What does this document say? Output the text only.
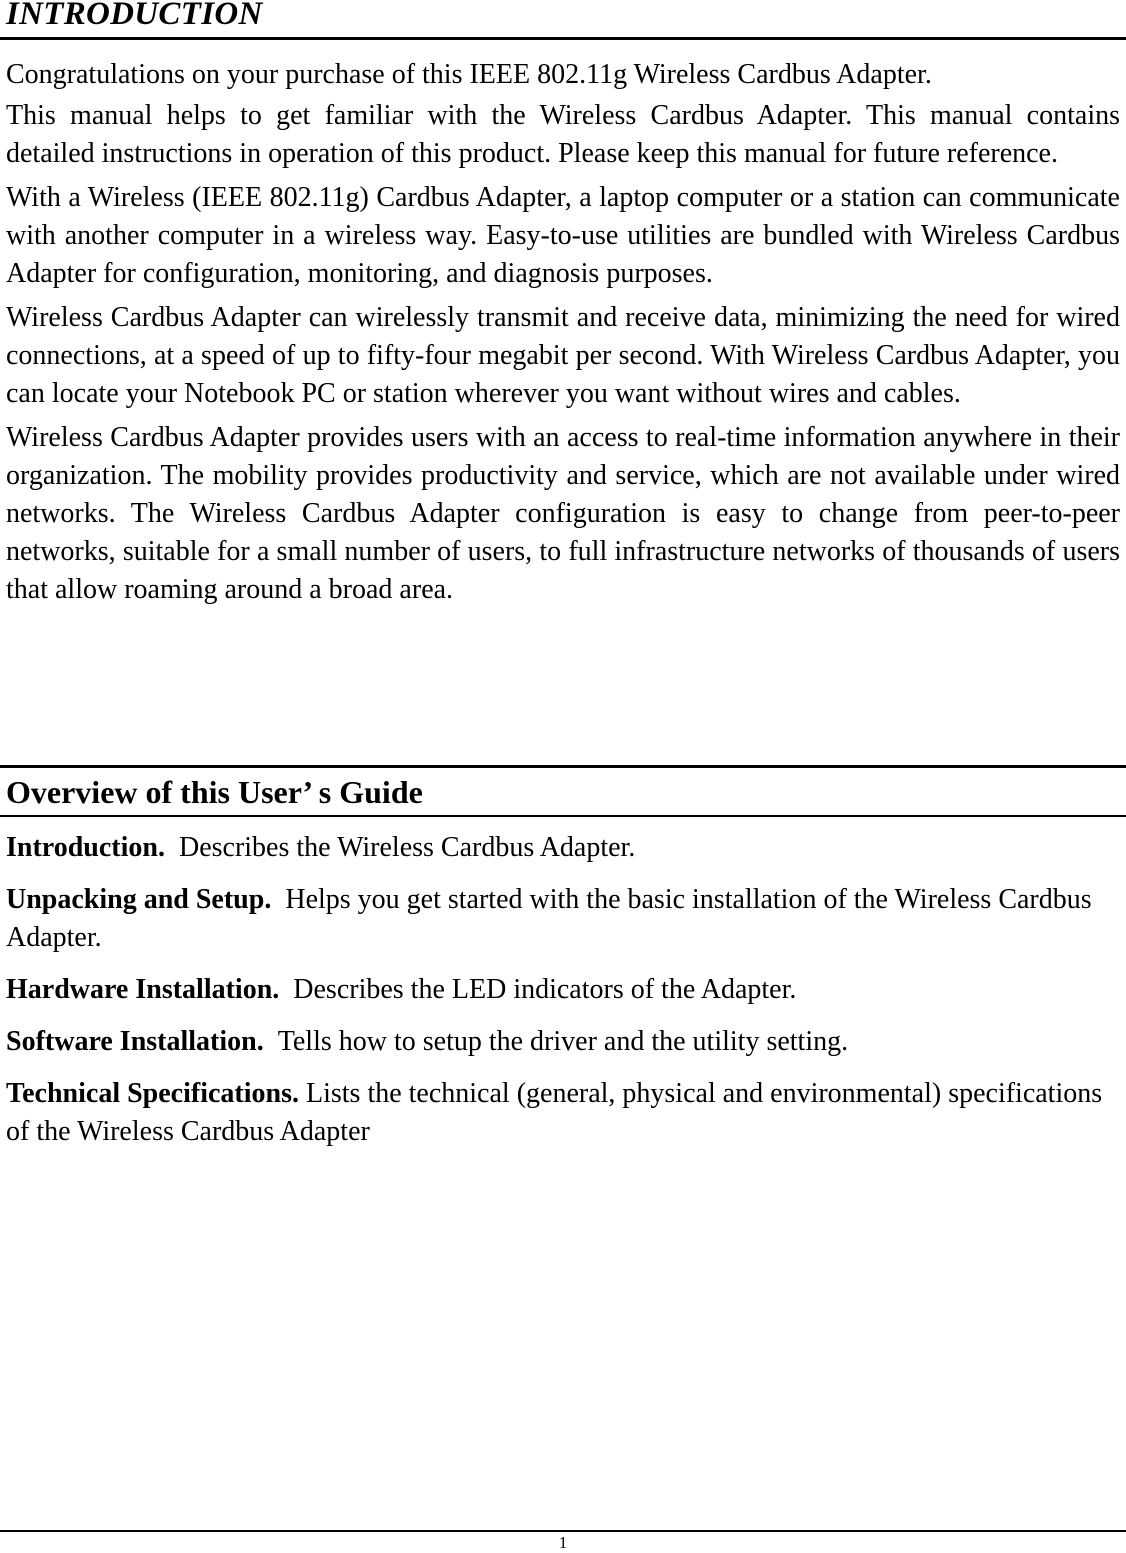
INTRODUCTION

Congratulations on your purchase of this IEEE 802.11g Wireless Cardbus Adapter.

This manual helps to get familiar with the Wireless Cardbus Adapter. This manual contains detailed instructions in operation of this product. Please keep this manual for future reference.

With a Wireless (IEEE 802.11g) Cardbus Adapter, a laptop computer or a station can communicate with another computer in a wireless way. Easy-to-use utilities are bundled with Wireless Cardbus Adapter for configuration, monitoring, and diagnosis purposes.

Wireless Cardbus Adapter can wirelessly transmit and receive data, minimizing the need for wired connections, at a speed of up to fifty-four megabit per second. With Wireless Cardbus Adapter, you can locate your Notebook PC or station wherever you want without wires and cables.

Wireless Cardbus Adapter provides users with an access to real-time information anywhere in their organization. The mobility provides productivity and service, which are not available under wired networks. The Wireless Cardbus Adapter configuration is easy to change from peer-to-peer networks, suitable for a small number of users, to full infrastructure networks of thousands of users that allow roaming around a broad area.

Overview of this User’ s Guide

Introduction. Describes the Wireless Cardbus Adapter.

Unpacking and Setup. Helps you get started with the basic installation of the Wireless Cardbus Adapter.

Hardware Installation. Describes the LED indicators of the Adapter.

Software Installation. Tells how to setup the driver and the utility setting.

Technical Specifications. Lists the technical (general, physical and environmental) specifications of the Wireless Cardbus Adapter

1
